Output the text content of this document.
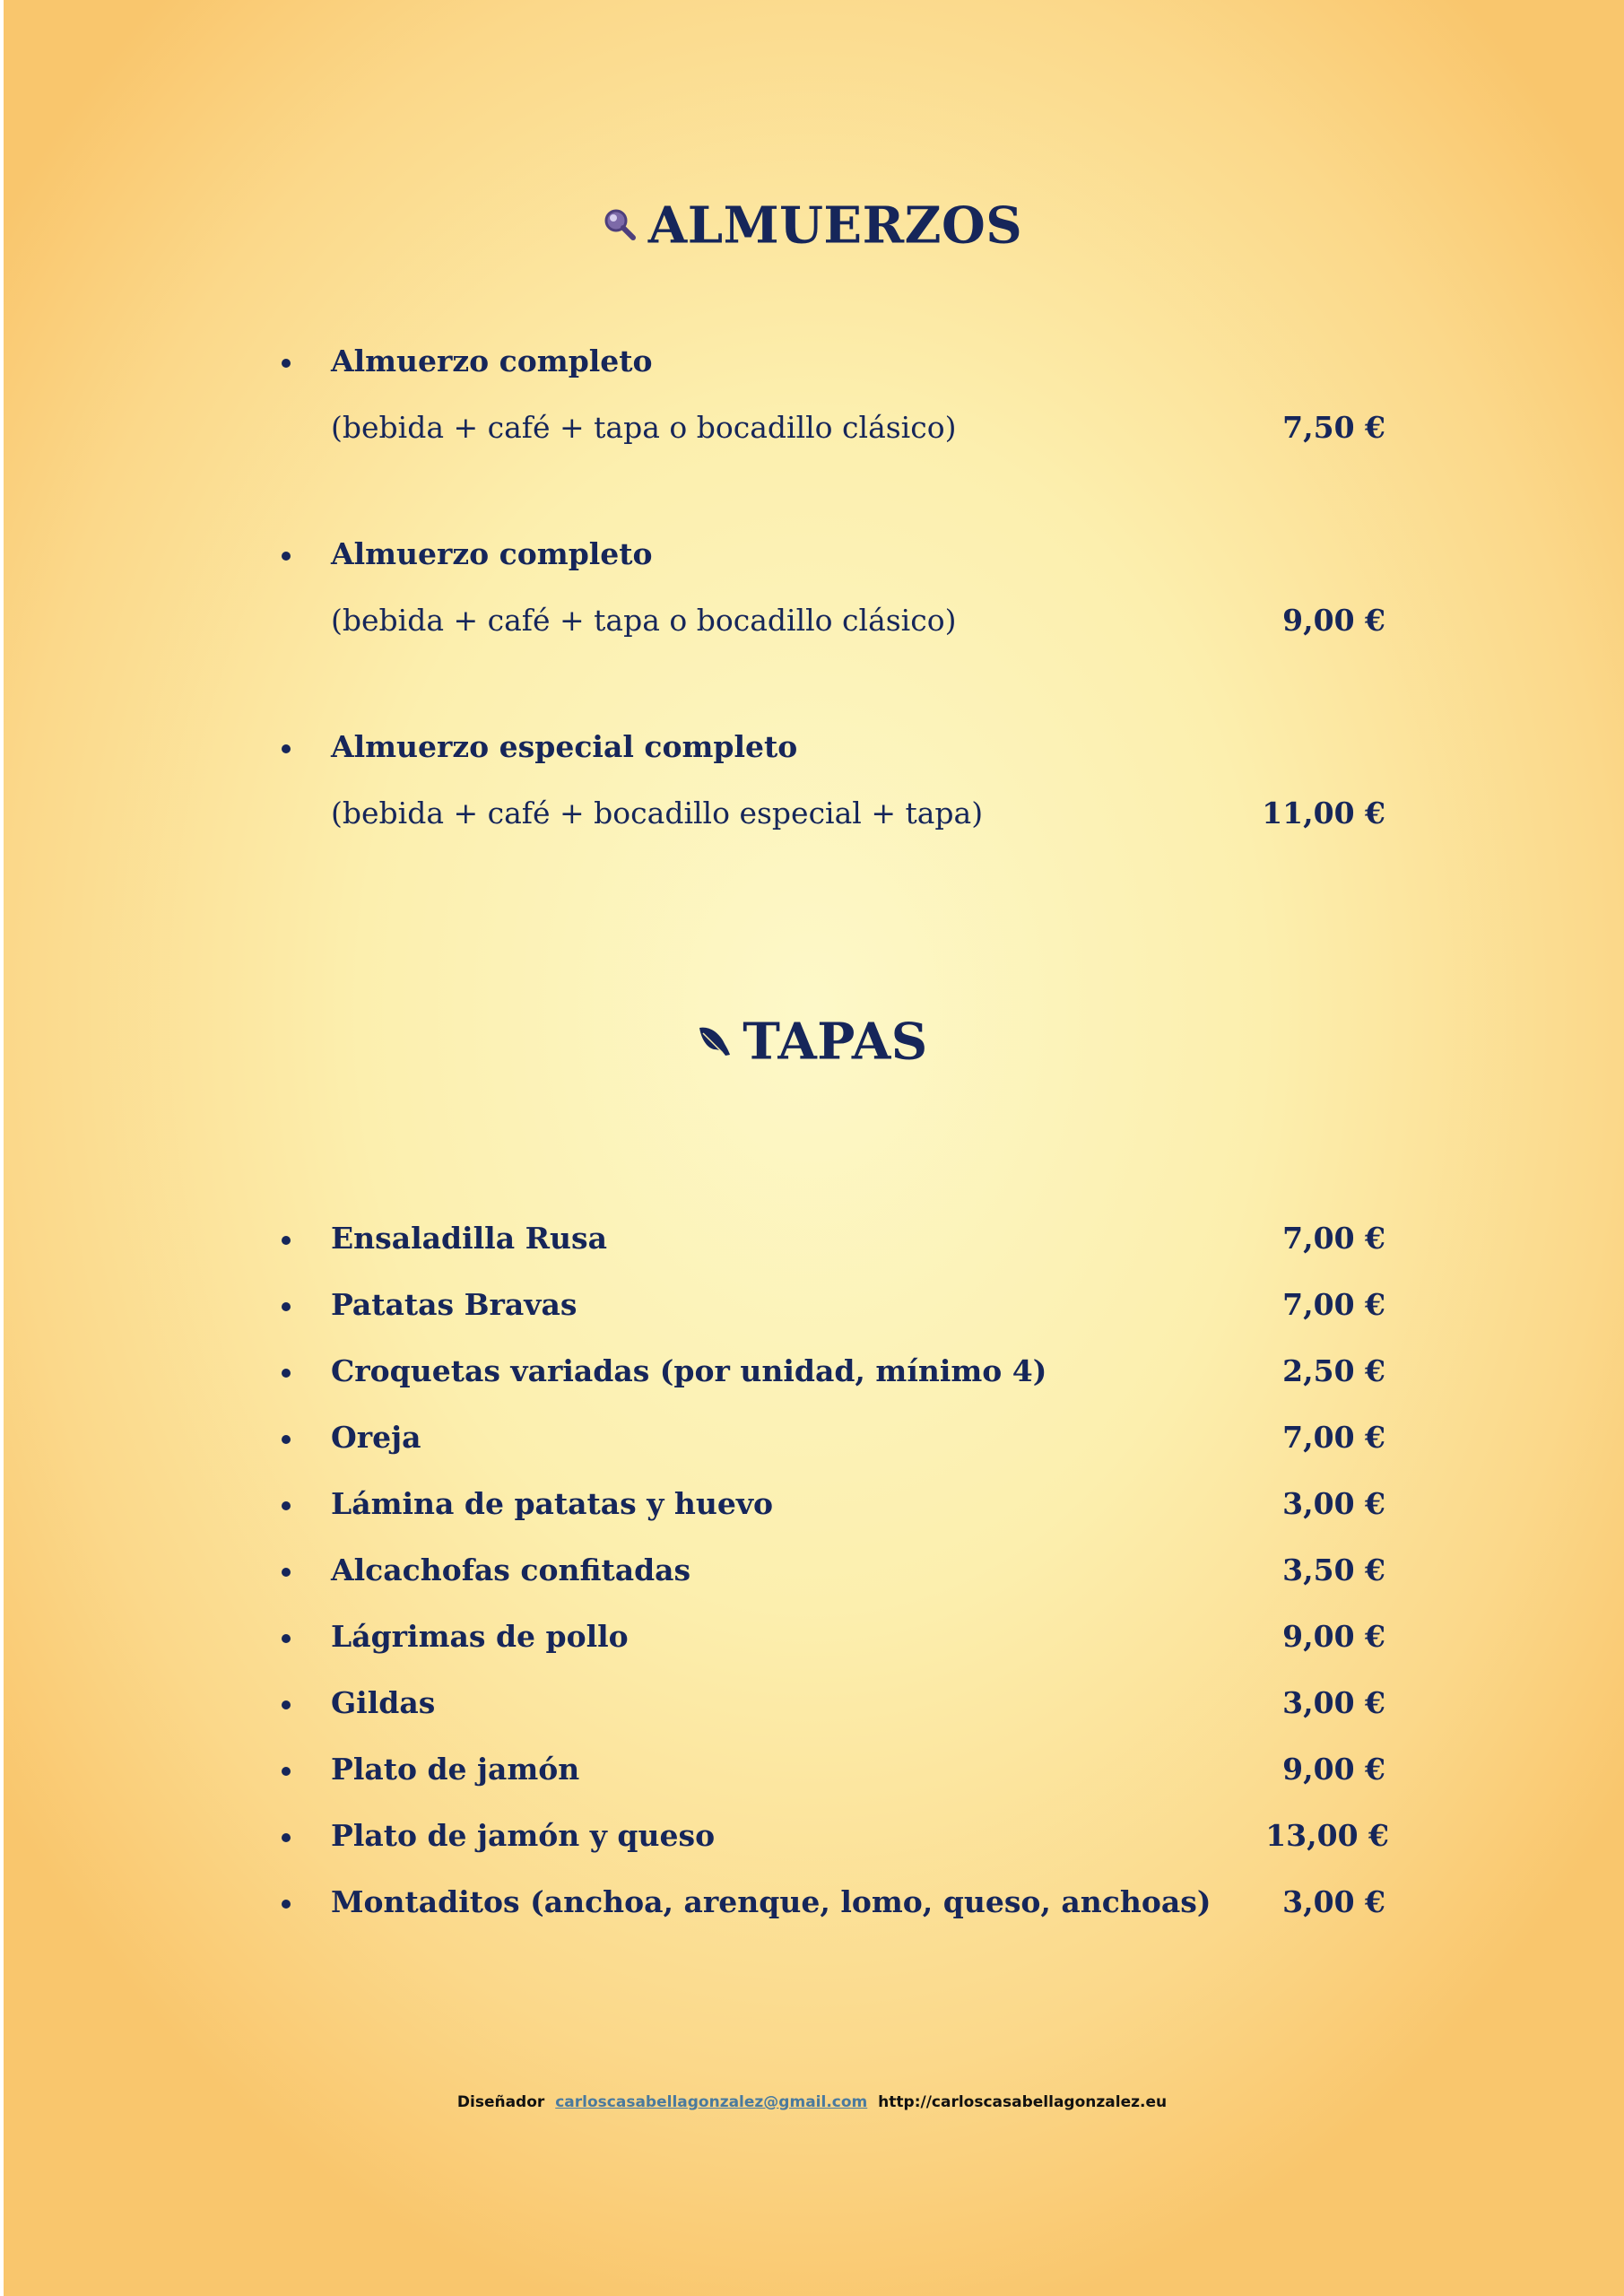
ALMUERZOS
Almuerzo completo
(bebida + café + tapa o bocadillo clásico)	7,50 €
Almuerzo completo
(bebida + café + tapa o bocadillo clásico)	9,00 €
Almuerzo especial completo
(bebida + café + bocadillo especial + tapa)	11,00 €
TAPAS
Ensaladilla Rusa	7,00 €
Patatas Bravas	7,00 €
Croquetas variadas (por unidad, mínimo 4)	2,50 €
Oreja	7,00 €
Lámina de patatas y huevo	3,00 €
Alcachofas confitadas	3,50 €
Lágrimas de pollo	9,00 €
Gildas	3,00 €
Plato de jamón	9,00 €
Plato de jamón y queso	13,00 €
Montaditos (anchoa, arenque, lomo, queso, anchoas) 3,00 €
Diseñador carloscasabellagonzalez@gmail.com http://carloscasabellagonzalez.eu
